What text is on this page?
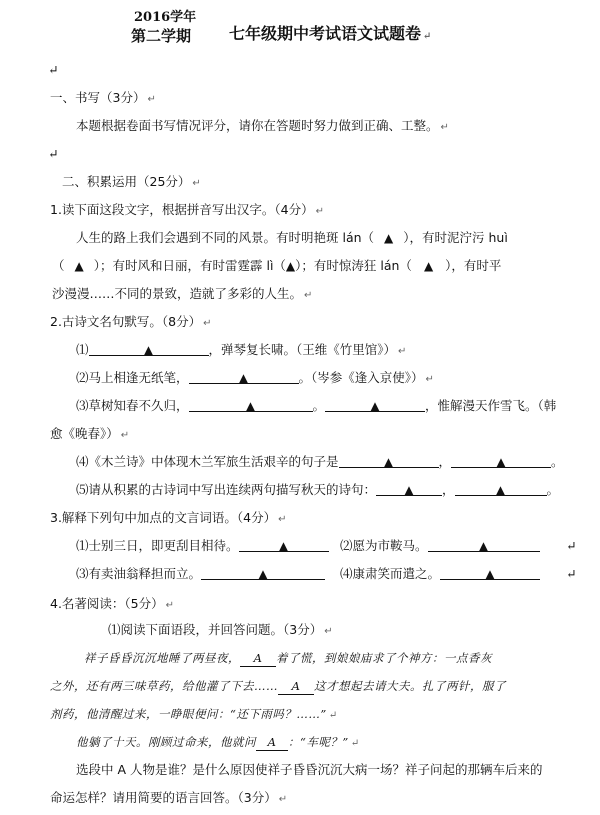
2016学年
第二学期 七年级期中考试语文试题卷 ↵
↵
一、书写（3分） ↵
本题根据卷面书写情况评分，请你在答题时努力做到正确、工整。 ↵
↵
二、积累运用（25分） ↵
1.读下面这段文字，根据拼音写出汉字。（4分） ↵
人生的路上我们会遇到不同的风景。有时明艳斑 lán（ ▲ ），有时泥泞污 huì
（ ▲ ）；有时风和日丽，有时雷霆霹 lì（▲）；有时惊涛狂 lán（ ▲ ），有时平
沙漫漫……不同的景致，造就了多彩的人生。 ↵
2.古诗文名句默写。（8分） ↵
⑴	▲	，弹琴复长啸。（王维《竹里馆》） ↵
⑵马上相逢无纸笔，	▲	。（岑参《逢入京使》） ↵
⑶草树知春不久归，	▲	。	▲	，惟解漫天作雪飞。（韩
愈《晚春》） ↵
⑷《木兰诗》中体现木兰军旅生活艰辛的句子是	▲	，	▲	。
⑸请从积累的古诗词中写出连续两句描写秋天的诗句： ▲ ，	▲	。
3.解释下列句中加点的文言词语。（4分） ↵
⑴士别三日，即更刮目相待。	▲	⑵愿为市鞍马。	▲	↵
⑶有卖油翁释担而立。	▲	⑷康肃笑而遣之。	▲	↵
4.名著阅读：（5分） ↵
⑴阅读下面语段，并回答问题。（3分） ↵
祥子昏昏沉沉地睡了两昼夜， A 着了慌，到娘娘庙求了个神方：一点香灰
之外，还有两三味草药，给他灌了下去…… A 这才想起去请大夫。扎了两针，服了
剂药，他清醒过来，一睁眼便问：“还下雨吗？……” ↵
他躺了十天。刚顾过命来，他就问 A ：“车呢？” ↵
选段中 A 人物是谁？是什么原因使祥子昏昏沉沉大病一场？祥子问起的那辆车后来的
命运怎样？请用简要的语言回答。（3分） ↵
